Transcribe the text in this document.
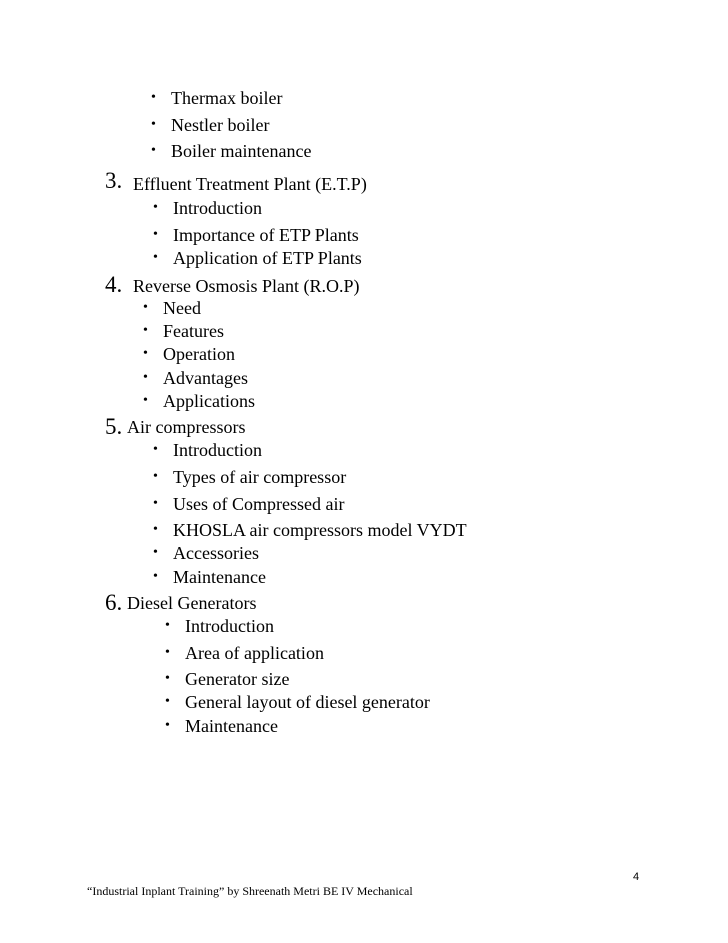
• Thermax boiler
• Nestler boiler
• Boiler maintenance
3. Effluent Treatment Plant (E.T.P)
• Introduction
• Importance of ETP Plants
• Application of ETP Plants
4. Reverse Osmosis Plant (R.O.P)
• Need
• Features
• Operation
• Advantages
• Applications
5. Air compressors
• Introduction
• Types of air compressor
• Uses of Compressed air
• KHOSLA air compressors model VYDT
• Accessories
• Maintenance
6. Diesel Generators
• Introduction
• Area of application
• Generator size
• General layout of diesel generator
• Maintenance
4
“Industrial Inplant Training” by Shreenath Metri BE IV Mechanical
